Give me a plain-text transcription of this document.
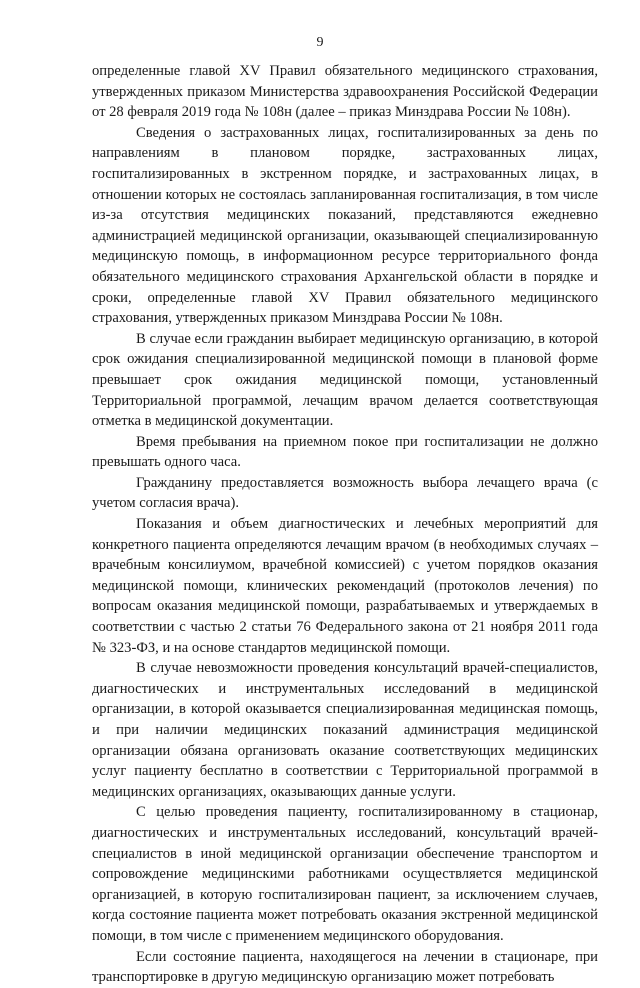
9

определенные главой XV Правил обязательного медицинского страхования, утвержденных приказом Министерства здравоохранения Российской Федерации от 28 февраля 2019 года № 108н (далее – приказ Минздрава России № 108н).

Сведения о застрахованных лицах, госпитализированных за день по направлениям в плановом порядке, застрахованных лицах, госпитализированных в экстренном порядке, и застрахованных лицах, в отношении которых не состоялась запланированная госпитализация, в том числе из-за отсутствия медицинских показаний, представляются ежедневно администрацией медицинской организации, оказывающей специализированную медицинскую помощь, в информационном ресурсе территориального фонда обязательного медицинского страхования Архангельской области в порядке и сроки, определенные главой XV Правил обязательного медицинского страхования, утвержденных приказом Минздрава России № 108н.

В случае если гражданин выбирает медицинскую организацию, в которой срок ожидания специализированной медицинской помощи в плановой форме превышает срок ожидания медицинской помощи, установленный Территориальной программой, лечащим врачом делается соответствующая отметка в медицинской документации.

Время пребывания на приемном покое при госпитализации не должно превышать одного часа.

Гражданину предоставляется возможность выбора лечащего врача (с учетом согласия врача).

Показания и объем диагностических и лечебных мероприятий для конкретного пациента определяются лечащим врачом (в необходимых случаях – врачебным консилиумом, врачебной комиссией) с учетом порядков оказания медицинской помощи, клинических рекомендаций (протоколов лечения) по вопросам оказания медицинской помощи, разрабатываемых и утверждаемых в соответствии с частью 2 статьи 76 Федерального закона от 21 ноября 2011 года № 323-ФЗ, и на основе стандартов медицинской помощи.

В случае невозможности проведения консультаций врачей-специалистов, диагностических и инструментальных исследований в медицинской организации, в которой оказывается специализированная медицинская помощь, и при наличии медицинских показаний администрация медицинской организации обязана организовать оказание соответствующих медицинских услуг пациенту бесплатно в соответствии с Территориальной программой в медицинских организациях, оказывающих данные услуги.

С целью проведения пациенту, госпитализированному в стационар, диагностических и инструментальных исследований, консультаций врачей-специалистов в иной медицинской организации обеспечение транспортом и сопровождение медицинскими работниками осуществляется медицинской организацией, в которую госпитализирован пациент, за исключением случаев, когда состояние пациента может потребовать оказания экстренной медицинской помощи, в том числе с применением медицинского оборудования.

Если состояние пациента, находящегося на лечении в стационаре, при транспортировке в другую медицинскую организацию может потребовать
